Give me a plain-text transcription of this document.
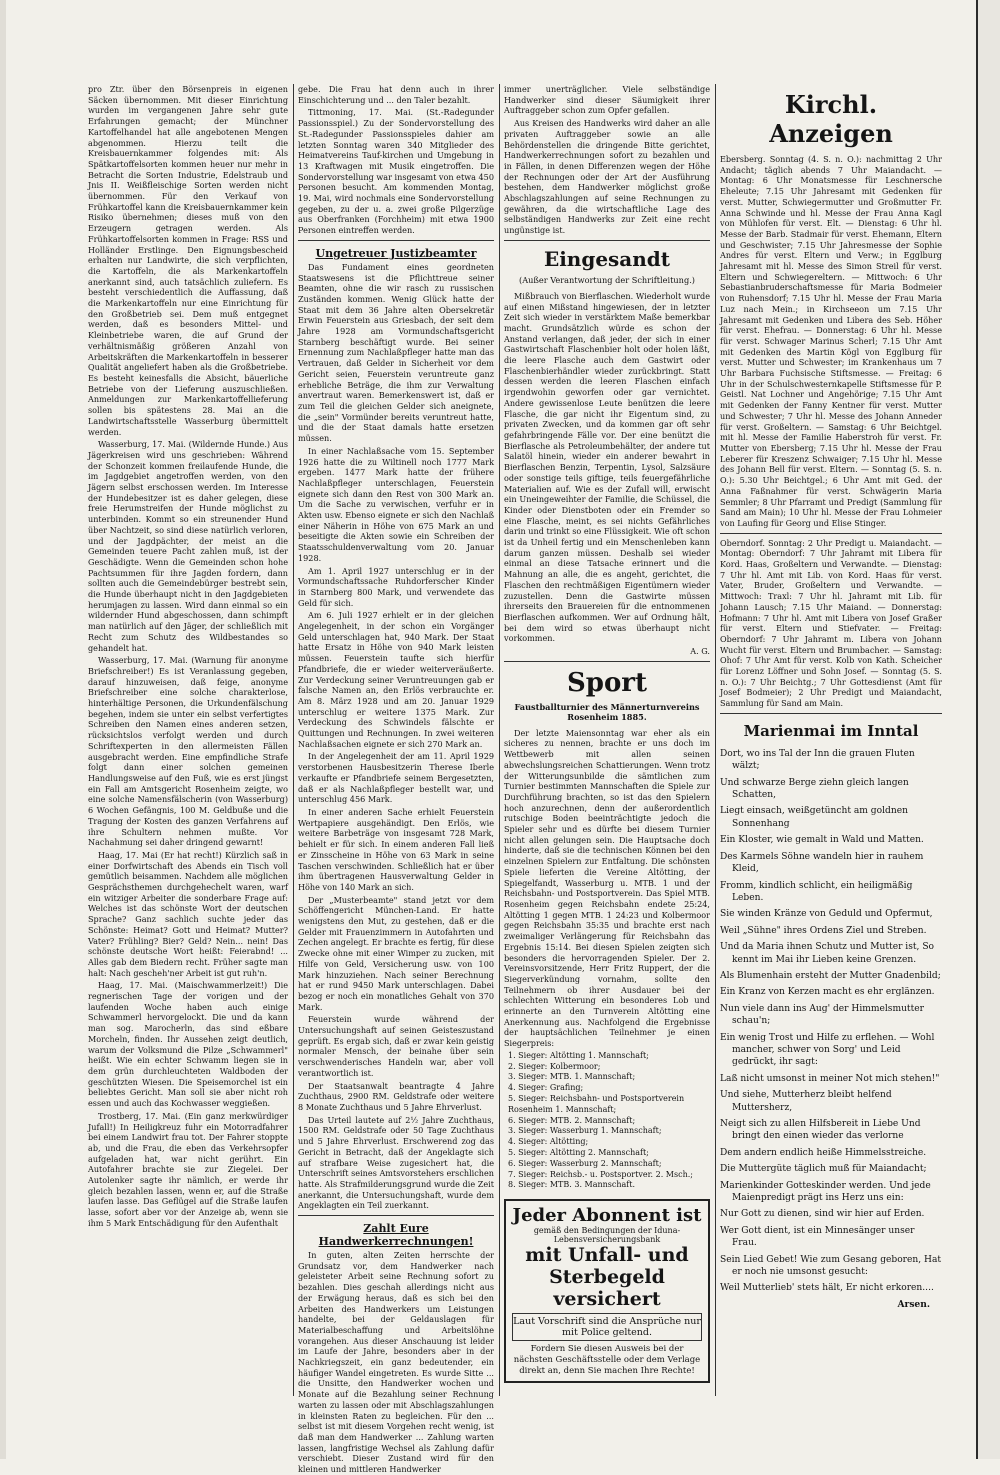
pro Ztr. über den Börsenpreis in eigenen Säcken übernommen. Mit dieser Einrichtung wurden im vergangenen Jahre sehr gute Erfahrungen gemacht; der Münchner Kartoffelhandel hat alle angebotenen Mengen abgenommen. Hierzu teilt die Kreisbauernkammer folgendes mit: Als Spätkartoffelsorten kommen heuer nur mehr in Betracht die Sorten Industrie, Edelstraub und Jnis II. Weißfleischige Sorten werden nicht übernommen. Für den Verkauf von Frühkartoffel kann die Kreisbauernkammer kein Risiko übernehmen; dieses muß von den Erzeugern getragen werden. Als Frühkartoffelsorten kommen in Frage: RSS und Holländer Erstlinge. Den Eignungsbescheid erhalten nur Landwirte, die sich verpflichten, die Kartoffeln, die als Markenkartoffeln anerkannt sind, auch tatsächlich zuliefern. Es besteht verschiedentlich die Auffassung, daß die Markenkartoffeln nur eine Einrichtung für den Großbetrieb sei. Dem muß entgegnet werden, daß es besonders Mittel- und Kleinbetriebe waren, die auf Grund der verhältnismäßig größeren Anzahl von Arbeitskräften die Markenkartoffeln in besserer Qualität angeliefert haben als die Großbetriebe. Es besteht keinesfalls die Absicht, bäuerliche Betriebe von der Lieferung auszuschließen. Anmeldungen zur Markenkartoffellieferung sollen bis spätestens 28. Mai an die Landwirtschaftsstelle Wasserburg übermittelt werden.

Wasserburg, 17. Mai. (Wildernde Hunde.) Aus Jägerkreisen wird uns geschrieben: Während der Schonzeit kommen freilaufende Hunde, die im Jagdgebiet angetroffen werden, von den Jägern selbst erschossen werden. Im Interesse der Hundebesitzer ist es daher gelegen, diese freie Herumstreifen der Hunde möglichst zu unterbinden. Kommt so ein streunender Hund über Nachtzeit, so sind diese natürlich verloren, und der Jagdpächter, der meist an die Gemeinden teuere Pacht zahlen muß, ist der Geschädigte. Wenn die Gemeinden schon hohe Pachtsummen für ihre Jagden fordern, dann sollten auch die Gemeindebürger bestrebt sein, die Hunde überhaupt nicht in den Jagdgebieten herumjagen zu lassen. Wird dann einmal so ein wildernder Hund abgeschossen, dann schimpft man natürlich auf den Jäger, der schließlich mit Recht zum Schutz des Wildbestandes so gehandelt hat.

Wasserburg, 17. Mai. (Warnung für anonyme Briefschreiber!) Es ist Veranlassung gegeben, darauf hinzuweisen, daß feige, anonyme Briefschreiber eine solche charakterlose, hinterhältige Personen, die Urkundenfälschung begehen, indem sie unter ein selbst verfertigtes Schreiben den Namen eines anderen setzen, rücksichtslos verfolgt werden und durch Schriftexperten in den allermeisten Fällen ausgebracht werden. Eine empfindliche Strafe folgt dann einer solchen gemeinen Handlungsweise auf den Fuß, wie es erst jüngst ein Fall am Amtsgericht Rosenheim zeigte, wo eine solche Namensfälscherin (von Wasserburg) 6 Wochen Gefängnis, 100 M. Geldbuße und die Tragung der Kosten des ganzen Verfahrens auf ihre Schultern nehmen mußte. Vor Nachahmung sei daher dringend gewarnt!

Haag, 17. Mai (Er hat recht!) Kürzlich saß in einer Dorfwirtschaft des Abends ein Tisch voll gemütlich beisammen. Nachdem alle möglichen Gesprächsthemen durchgehechelt waren, warf ein witziger Arbeiter die sonderbare Frage auf: Welches ist das schönste Wort der deutschen Sprache? Ganz sachlich suchte jeder das Schönste: Heimat? Gott und Heimat? Mutter? Vater? Frühling? Bier? Geld? Nein... nein! Das schönste deutsche Wort heißt: Feierabnd! ... Alles gab dem Biedern recht. Früher sagte man halt: Nach gescheh'ner Arbeit ist gut ruh'n.

Haag, 17. Mai. (Maischwammerlzeit!) Die regnerischen Tage der vorigen und der laufenden Woche haben auch einige Schwammerl hervorgelockt. Die und da kann man sog. Marocherln, das sind eßbare Morcheln, finden. Ihr Aussehen zeigt deutlich, warum der Volksmund die Pilze „Schwammerl" heißt. Wie ein echter Schwamm liegen sie in dem grün durchleuchteten Waldboden der geschützten Wiesen. Die Speisemorchel ist ein beliebtes Gericht. Man soll sie aber nicht roh essen und auch das Kochwasser weggießen.

Trostberg, 17. Mai. (Ein ganz merkwürdiger Jufall!) In Heiligkreuz fuhr ein Motorradfahrer bei einem Landwirt frau tot. Der Fahrer stoppte ab, und die Frau, die eben das Verkehrsopfer aufgeladen hat, war nicht gerührt. Ein Autofahrer brachte sie zur Ziegelei. Der Autolenker sagte ihr nämlich, er werde ihr gleich bezahlen lassen, wenn er, auf die Straße laufen lasse. Das Geflügel auf die Straße laufen lasse, sofort aber vor der Anzeige ab, wenn sie ihm 5 Mark Entschädigung für den Aufenthalt

gebe. Die Frau hat denn auch in ihrer Einschichterung und ... den Taler bezahlt.

Tittmoning, 17. Mai. (St.-Radegunder Passionsspiel.) Zu der Sondervorstellung des St.-Radegunder Passionsspieles dahier am letzten Sonntag waren 340 Mitglieder des Heimatvereins Tauf-kirchen und Umgebung in 13 Kraftwagen mit Musik eingetroffen. Die Sondervorstellung war insgesamt von etwa 450 Personen besucht. Am kommenden Montag, 19. Mai, wird nochmals eine Sondervorstellung gegeben, zu der u. a. zwei große Pilgerzüge aus Oberfranken (Forchheim) mit etwa 1900 Personen eintreffen werden.

Ungetreuer Justizbeamter

Das Fundament eines geordneten Staatswesens ist die Pflichttreue seiner Beamten, ohne die wir rasch zu russischen Zuständen kommen. Wenig Glück hatte der Staat mit dem 36 Jahre alten Obersekretär Erwin Feuerstein aus Griesbach, der seit dem Jahre 1928 am Vormundschaftsgericht Starnberg beschäftigt wurde. Bei seiner Ernennung zum Nachlaßpfleger hatte man das Vertrauen, daß Gelder in Sicherheit vor dem Gericht seien, Feuerstein veruntreute ganz erhebliche Beträge, die ihm zur Verwaltung anvertraut waren. Bemerkenswert ist, daß er zum Teil die gleichen Gelder sich aneignete, die „sein" Vormünder bereits veruntreut hatte, und die der Staat damals hatte ersetzen müssen.

In einer Nachlaßsache vom 15. September 1926 hatte die zu Wiltinell noch 1777 Mark ergeben. 1477 Mark hatte der frühere Nachlaßpfleger unterschlagen, Feuerstein eignete sich dann den Rest von 300 Mark an. Um die Sache zu verwischen, verfuhr er in Akten usw. Ebenso eignete er sich den Nachlaß einer Näherin in Höhe von 675 Mark an und beseitigte die Akten sowie ein Schreiben der Staatsschuldenverwaltung vom 20. Januar 1928.

Am 1. April 1927 unterschlug er in der Vormundschaftssache Ruhdorferscher Kinder in Starnberg 800 Mark, und verwendete das Geld für sich.

Am 6. Juli 1927 erhielt er in der gleichen Angelegenheit, in der schon ein Vorgänger Geld unterschlagen hat, 940 Mark. Der Staat hatte Ersatz in Höhe von 940 Mark leisten müssen. Feuerstein taufte sich hierfür Pfandbriefe, die er wieder weiterveräußerte. Zur Verdeckung seiner Veruntreuungen gab er falsche Namen an, den Erlös verbrauchte er. Am 8. März 1928 und am 20. Januar 1929 unterschlug er weitere 1375 Mark. Zur Verdeckung des Schwindels fälschte er Quittungen und Rechnungen. In zwei weiteren Nachlaßsachen eignete er sich 270 Mark an.

In der Angelegenheit der am 11. April 1929 verstorbenen Hausbesitzerin Therese Iberle verkaufte er Pfandbriefe seinem Bergesetzten, daß er als Nachlaßpfleger bestellt war, und unterschlug 456 Mark.

In einer anderen Sache erhielt Feuerstein Wertpapiere ausgehändigt. Den Erlös, wie weitere Barbeträge von insgesamt 728 Mark, behielt er für sich. In einem anderen Fall ließ er Zinsscheine in Höhe von 63 Mark in seine Taschen verschwinden. Schließlich hat er über ihm übertragenen Hausverwaltung Gelder in Höhe von 140 Mark an sich.

Der „Musterbeamte" stand jetzt vor dem Schöffengericht München-Land. Er hatte wenigstens den Mut, zu gestehen, daß er die Gelder mit Frauenzimmern in Autofahrten und Zechen angelegt. Er brachte es fertig, für diese Zwecke ohne mit einer Wimper zu zucken, mit Hilfe von Geld, Versicherung usw. von 100 Mark hinzuziehen. Nach seiner Berechnung hat er rund 9450 Mark unterschlagen. Dabei bezog er noch ein monatliches Gehalt von 370 Mark.

Feuerstein wurde während der Untersuchungshaft auf seinen Geisteszustand geprüft. Es ergab sich, daß er zwar kein geistig normaler Mensch, der beinahe über sein verschwenderisches Handeln war, aber voll verantwortlich ist.

Der Staatsanwalt beantragte 4 Jahre Zuchthaus, 2900 RM. Geldstrafe oder weitere 8 Monate Zuchthaus und 5 Jahre Ehrverlust.

Das Urteil lautete auf 2½ Jahre Zuchthaus, 1500 RM. Geldstrafe oder 50 Tage Zuchthaus und 5 Jahre Ehrverlust. Erschwerend zog das Gericht in Betracht, daß der Angeklagte sich auf strafbare Weise zugesichert hat, die Unterschrift seines Amtsvorstehers erschlichen hatte. Als Strafmilderungsgrund wurde die Zeit anerkannt, die Untersuchungshaft, wurde dem Angeklagten ein Teil zuerkannt.

Zahlt Eure Handwerkerrechnungen!

In guten, alten Zeiten herrschte der Grundsatz vor, dem Handwerker nach geleisteter Arbeit seine Rechnung sofort zu bezahlen. Dies geschah allerdings nicht aus der Erwägung heraus, daß es sich bei den Arbeiten des Handwerkers um Leistungen handelte, bei der Geldauslagen für Materialbeschaffung und Arbeitslöhne vorangehen. Aus dieser Anschauung ist leider im Laufe der Jahre, besonders aber in der Nachkriegszeit, ein ganz bedeutender, ein häufiger Wandel eingetreten. Es wurde Sitte ... die Unsitte, den Handwerker wochen und Monate auf die Bezahlung seiner Rechnung warten zu lassen oder mit Abschlagszahlungen in kleinsten Raten zu begleichen. Für den ... selbst ist mit diesem Vorgehen recht wenig, ist daß man dem Handwerker ... Zahlung warten lassen, langfristige Wechsel als Zahlung dafür verschiebt. Dieser Zustand wird für den kleinen und mittleren Handwerker

immer unerträglicher. Viele selbständige Handwerker sind dieser Säumigkeit ihrer Auftraggeber schon zum Opfer gefallen.

Aus Kreisen des Handwerks wird daher an alle privaten Auftraggeber sowie an alle Behördenstellen die dringende Bitte gerichtet, Handwerkerrechnungen sofort zu bezahlen und in Fällen, in denen Differenzen wegen der Höhe der Rechnungen oder der Art der Ausführung bestehen, dem Handwerker möglichst große Abschlagszahlungen auf seine Rechnungen zu gewähren, da die wirtschaftliche Lage des selbständigen Handwerks zur Zeit eine recht ungünstige ist.

Eingesandt
(Außer Verantwortung der Schriftleitung.)

Mißbrauch von Bierflaschen. Wiederholt wurde auf einen Mißstand hingewiesen, der in letzter Zeit sich wieder in verstärktem Maße bemerkbar macht. Grundsätzlich würde es schon der Anstand verlangen, daß jeder, der sich in einer Gastwirtschaft Flaschenbier holt oder holen läßt, die leere Flasche auch dem Gastwirt oder Flaschenbierhändler wieder zurückbringt. Statt dessen werden die leeren Flaschen einfach irgendwohin geworfen oder gar vernichtet. Andere gewissenlose Leute benützen die leere Flasche, die gar nicht ihr Eigentum sind, zu privaten Zwecken, und da kommen gar oft sehr gefahrbringende Fälle vor. Der eine benützt die Bierflasche als Petroleumbehälter, der andere tut Salatöl hinein, wieder ein anderer bewahrt in Bierflaschen Benzin, Terpentin, Lysol, Salzsäure oder sonstige teils giftige, teils feuergefährliche Materialien auf. Wie es der Zufall will, erwischt ein Uneingeweihter der Familie, die Schüssel, die Kinder oder Dienstboten oder ein Fremder so eine Flasche, meint, es sei nichts Gefährliches darin und trinkt so eine Flüssigkeit. Wie oft schon ist da Unheil fertig und ein Menschenleben kann darum ganzen müssen. Deshalb sei wieder einmal an diese Tatsache erinnert und die Mahnung an alle, die es angeht, gerichtet, die Flaschen den rechtmäßigen Eigentümern wieder zuzustellen. Denn die Gastwirte müssen ihrerseits den Brauereien für die entnommenen Bierflaschen aufkommen. Wer auf Ordnung hält, bei dem wird so etwas überhaupt nicht vorkommen.

A. G.

Sport
Faustballturnier des Männerturnvereins Rosenheim 1885.

Der letzte Maiensonntag war eher als ein sicheres zu nennen, brachte er uns doch im Wettbewerb mit allen seinen abwechslungsreichen Schattierungen. Wenn trotz der Witterungsunbilde die sämtlichen zum Turnier bestimmten Mannschaften die Spiele zur Durchführung brachten, so ist das den Spielern hoch anzurechnen, denn der außerordentlich rutschige Boden beeinträchtigte jedoch die Spieler sehr und es dürfte bei diesem Turnier nicht allen gelungen sein. Die Hauptsache doch hinderte, daß sie die technischen Können bei den einzelnen Spielern zur Entfaltung. Die schönsten Spiele lieferten die Vereine Altötting, der Spiegelfandt, Wasserburg u. MTB. 1 und der Reichsbahn- und Postsportverein. Das Spiel MTB. Rosenheim gegen Reichsbahn endete 25:24, Altötting 1 gegen MTB. 1 24:23 und Kolbermoor gegen Reichsbahn 35:35 und brachte erst nach zweimaliger Verlängerung für Reichsbahn das Ergebnis 15:14. Bei diesen Spielen zeigten sich besonders die hervorragenden Spieler. Der 2. Vereinsvorsitzende, Herr Fritz Ruppert, der die Siegerverkündung vornahm, sollte den Teilnehmern ob ihrer Ausdauer bei der schlechten Witterung ein besonderes Lob und erinnerte an den Turnverein Altötting eine Anerkennung aus. Nachfolgend die Ergebnisse der hauptsächlichen Teilnehmer je einen Siegerpreis:

1. Sieger: Altötting 1. Mannschaft;
2. Sieger: Kolbermoor;
3. Sieger: MTB. 1. Mannschaft;
4. Sieger: Grafing;
5. Sieger: Reichsbahn- und Postsportverein Rosenheim 1. Mannschaft;
6. Sieger: MTB. 2. Mannschaft;
3. Sieger: Wasserburg 1. Mannschaft;
4. Sieger: Altötting;
5. Sieger: Altötting 2. Mannschaft;
6. Sieger: Wasserburg 2. Mannschaft;
7. Sieger: Reichsb.- u. Postsportver. 2. Msch.;
8. Sieger: MTB. 3. Mannschaft.
Jeder Abonnent ist
gemäß den Bedingungen der Iduna-Lebensversicherungsbank
mit Unfall- und Sterbegeld versichert
Laut Vorschrift sind die Ansprüche nur mit Police geltend.
Fordern Sie diesen Ausweis bei der nächsten Geschäftsstelle oder dem Verlage direkt an, denn Sie machen Ihre Rechte!
Kirchl. Anzeigen

Ebersberg. Sonntag (4. S. n. O.): nachmittag 2 Uhr Andacht; täglich abends 7 Uhr Maiandacht. — Montag: 6 Uhr Monatsmesse für Leschnersche Eheleute; 7.15 Uhr Jahresamt mit Gedenken für verst. Mutter, Schwiegermutter und Großmutter Fr. Anna Schwinde und hl. Messe der Frau Anna Kagl von Mühlofen für verst. Elt. — Dienstag: 6 Uhr hl. Messe der Barb. Stadmair für verst. Ehemann, Eltern und Geschwister; 7.15 Uhr Jahresmesse der Sophie Andres für verst. Eltern und Verw.; in Egglburg Jahresamt mit hl. Messe des Simon Streil für verst. Eltern und Schwiegereltern. — Mittwoch: 6 Uhr Sebastianbruderschaftsmesse für Maria Bodmeier von Ruhensdorf; 7.15 Uhr hl. Messe der Frau Maria Luz nach Mein.; in Kirchseeon um 7.15 Uhr Jahresamt mit Gedenken und Libera des Seb. Höher für verst. Ehefrau. — Donnerstag: 6 Uhr hl. Messe für verst. Schwager Marinus Scherl; 7.15 Uhr Amt mit Gedenken des Martin Kögl von Egglburg für verst. Mutter und Schwester; im Krankenhaus um 7 Uhr Barbara Fuchsische Stiftsmesse. — Freitag: 6 Uhr in der Schulschwesternkapelle Stiftsmesse für P. Geistl. Nat Lochner und Angehörige; 7.15 Uhr Amt mit Gedenken der Fanny Kentner für verst. Mutter und Schwester; 7 Uhr hl. Messe des Johann Anneder für verst. Großeltern. — Samstag: 6 Uhr Beichtgel. mit hl. Messe der Familie Haberstroh für verst. Fr. Mutter von Ebersberg; 7.15 Uhr hl. Messe der Frau Leberer für Kreszenz Schwaiger; 7.15 Uhr hl. Messe des Johann Bell für verst. Eltern. — Sonntag (5. S. n. O.): 5.30 Uhr Beichtgel.; 6 Uhr Amt mit Ged. der Anna Faßnahmer für verst. Schwägerin Maria Semmler; 8 Uhr Pfarramt und Predigt (Sammlung für Sand am Main); 10 Uhr hl. Messe der Frau Lohmeier von Laufing für Georg und Elise Stinger.

Oberndorf. Sonntag: 2 Uhr Predigt u. Maiandacht. — Montag: Oberndorf: 7 Uhr Jahramt mit Libera für Kord. Haas, Großeltern und Verwandte. — Dienstag: 7 Uhr hl. Amt mit Lib. von Kord. Haas für verst. Vater, Bruder, Großeltern und Verwandte. — Mittwoch: Traxl: 7 Uhr hl. Jahramt mit Lib. für Johann Lausch; 7.15 Uhr Maiand. — Donnerstag: Hofmann: 7 Uhr hl. Amt mit Libera von Josef Graßer für verst. Eltern und Stiefvater. — Freitag: Oberndorf: 7 Uhr Jahramt m. Libera von Johann Wucht für verst. Eltern und Brumbacher. — Samstag: Ohof: 7 Uhr Amt für verst. Kolb von Kath. Scheicher für Lorenz Löffner und Sohn Josef. — Sonntag (5. S. n. O.): 7 Uhr Beichtg.; 7 Uhr Gottesdienst (Amt für Josef Bodmeier); 2 Uhr Predigt und Maiandacht, Sammlung für Sand am Main.

Marienmai im Inntal

Dort, wo ins Tal der Inn die grauen Fluten wälzt;

Und schwarze Berge ziehn gleich langen Schatten,

Liegt einsach, weißgetüncht am goldnen Sonnenhang

Ein Kloster, wie gemalt in Wald und Matten.

Des Karmels Söhne wandeln hier in rauhem Kleid,

Fromm, kindlich schlicht, ein heiligmäßig Leben.

Sie winden Kränze von Geduld und Opfermut,

Weil „Sühne" ihres Ordens Ziel und Streben.

Und da Maria ihnen Schutz und Mutter ist, So kennt im Mai ihr Lieben keine Grenzen.

Als Blumenhain ersteht der Mutter Gnadenbild;

Ein Kranz von Kerzen macht es ehr erglänzen.

Nun viele dann ins Aug' der Himmelsmutter schau'n;

Ein wenig Trost und Hilfe zu erflehen. — Wohl mancher, schwer von Sorg' und Leid gedrückt, ihr sagt:

Laß nicht umsonst in meiner Not mich stehen!"

Und siehe, Mutterherz bleibt helfend Muttersherz,

Neigt sich zu allen Hilfsbereit in Liebe Und bringt den einen wieder das verlorne

Dem andern endlich heiße Himmelsstreiche.

Die Muttergüte täglich muß für Maiandacht;

Marienkinder Gotteskinder werden. Und jede Maienpredigt prägt ins Herz uns ein:

Nur Gott zu dienen, sind wir hier auf Erden.

Wer Gott dient, ist ein Minnesänger unser Frau.

Sein Lied Gebet! Wie zum Gesang geboren, Hat er noch nie umsonst gesucht:

Weil Mutterlieb' stets hält, Er nicht erkoren....

Arsen.
